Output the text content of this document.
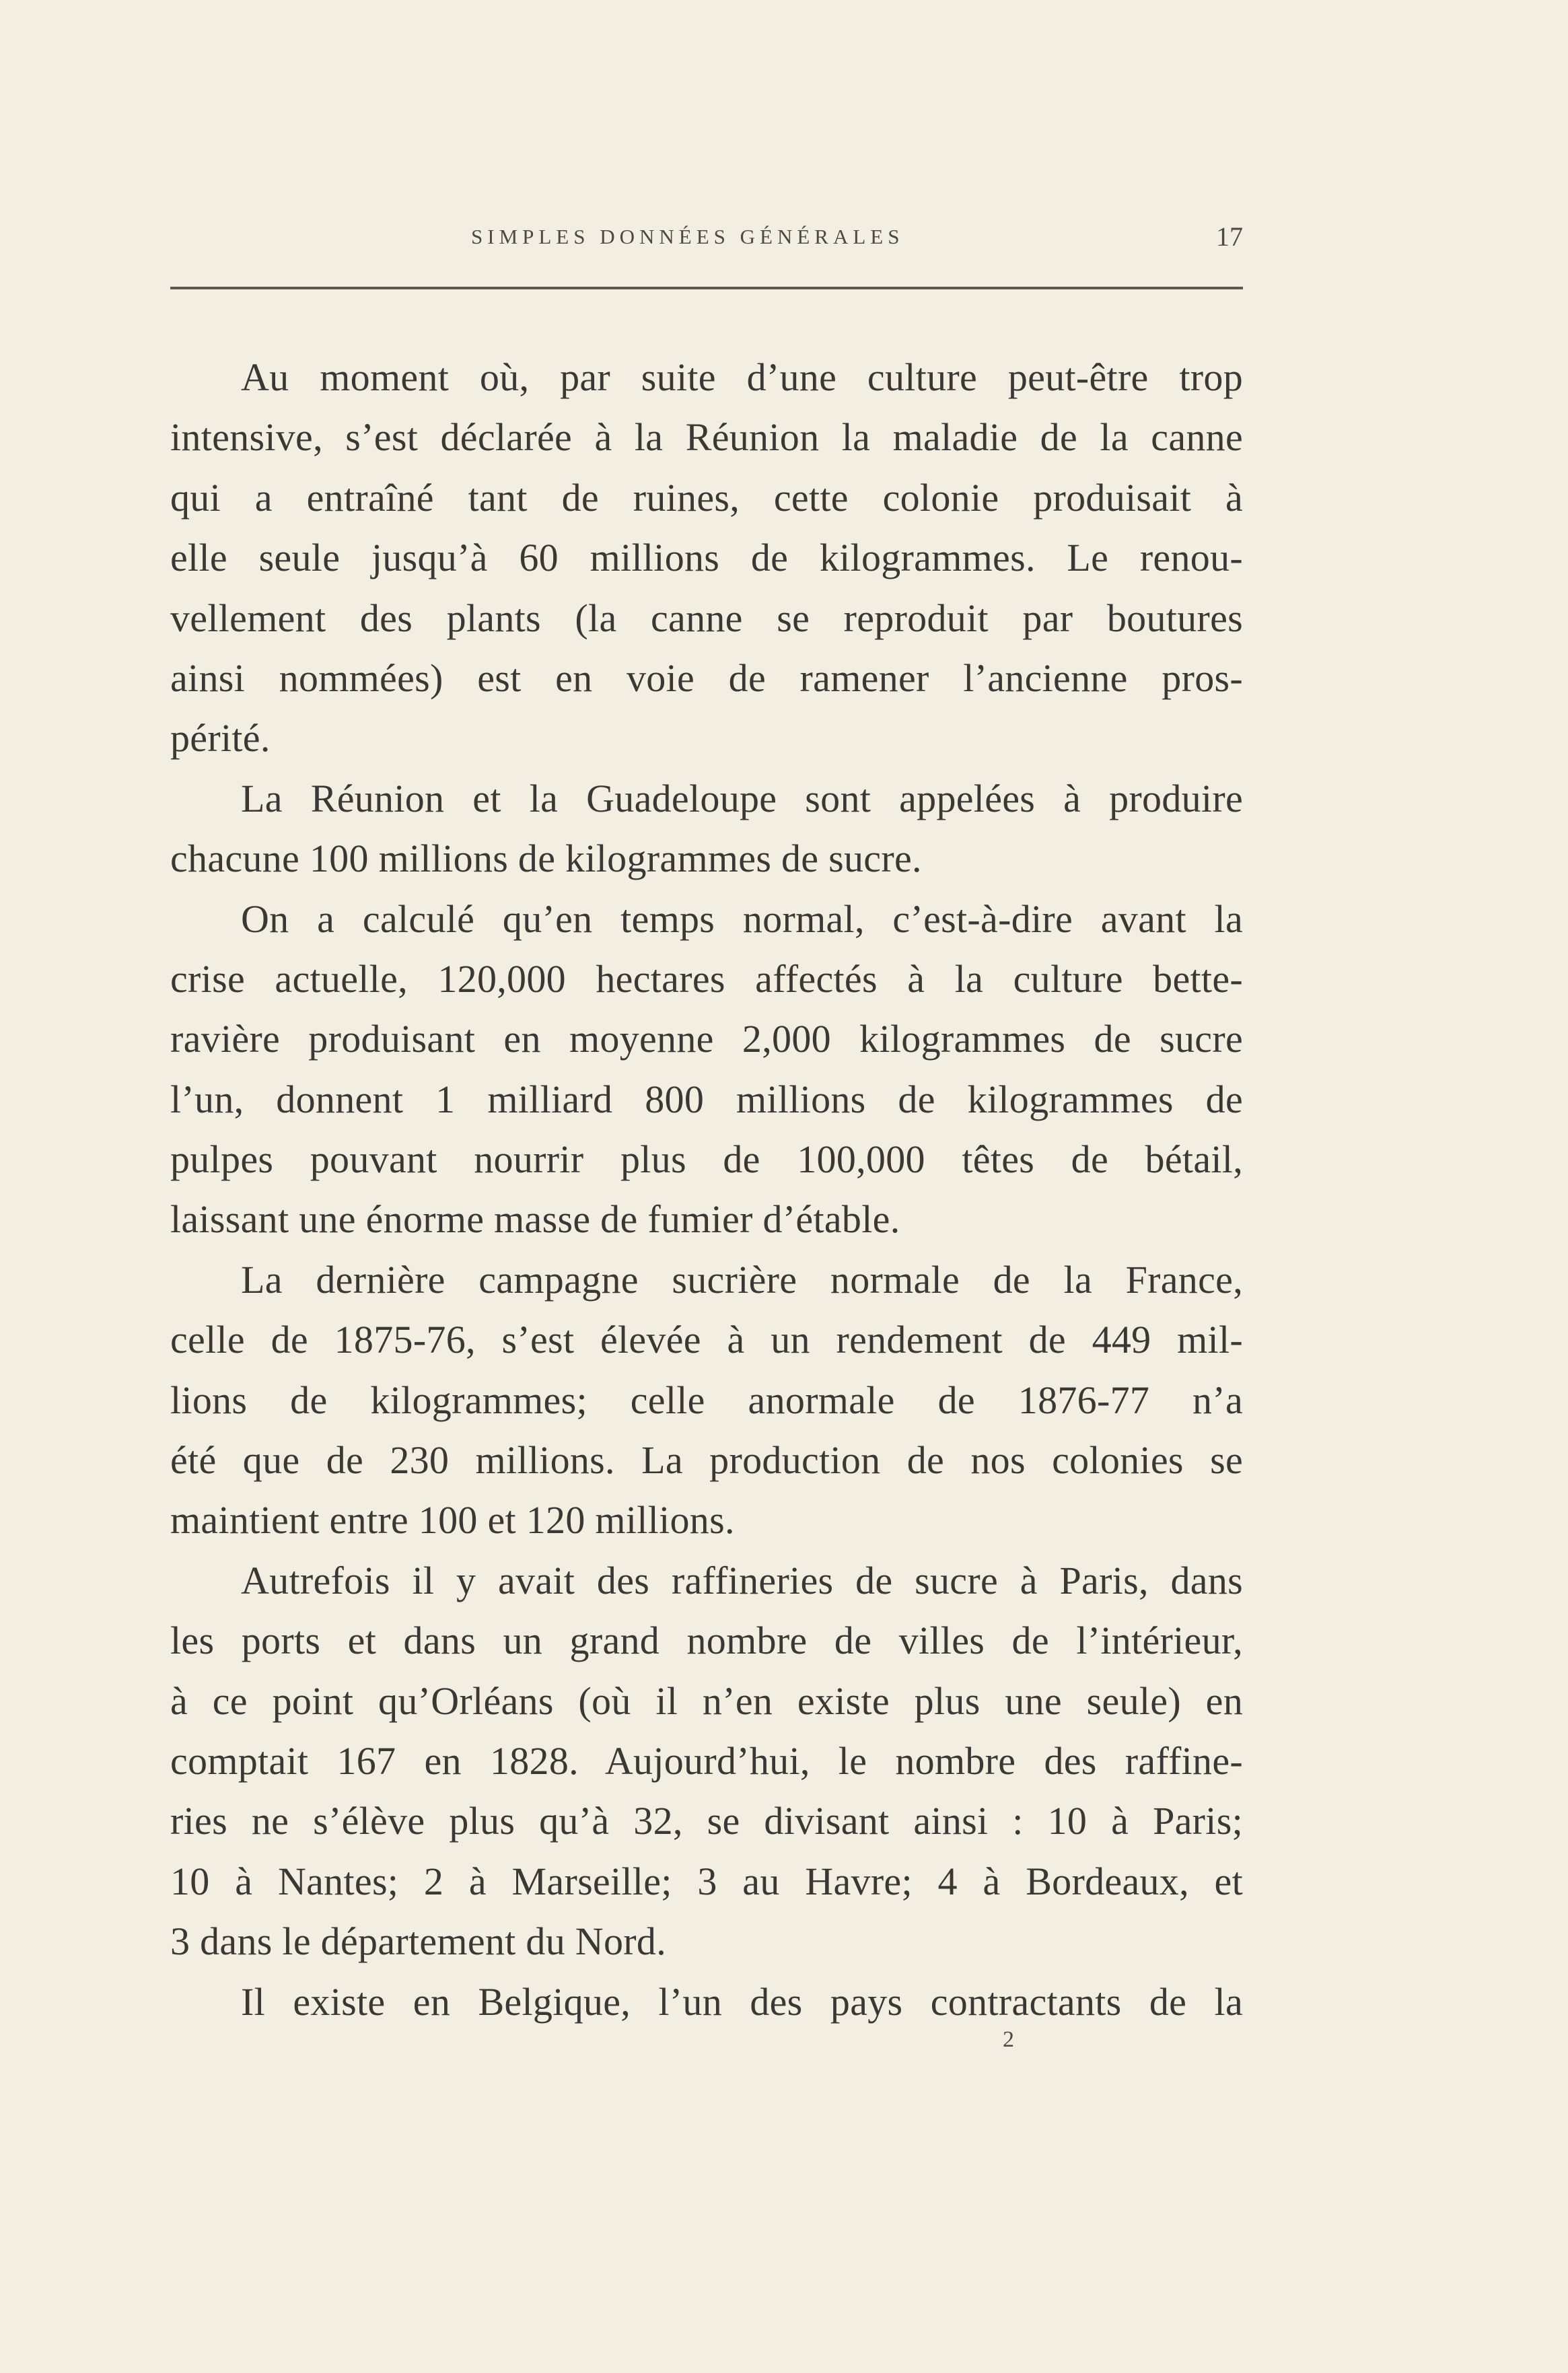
SIMPLES DONNÉES GÉNÉRALES	17
Au moment où, par suite d’une culture peut-être trop
intensive, s’est déclarée à la Réunion la maladie de la canne
qui a entraîné tant de ruines, cette colonie produisait à
elle seule jusqu’à 60 millions de kilogrammes. Le renou-
vellement des plants (la canne se reproduit par boutures
ainsi nommées) est en voie de ramener l’ancienne pros-
périté.
La Réunion et la Guadeloupe sont appelées à produire
chacune 100 millions de kilogrammes de sucre.
On a calculé qu’en temps normal, c’est-à-dire avant la
crise actuelle, 120,000 hectares affectés à la culture bette-
ravière produisant en moyenne 2,000 kilogrammes de sucre
l’un, donnent 1 milliard 800 millions de kilogrammes de
pulpes pouvant nourrir plus de 100,000 têtes de bétail,
laissant une énorme masse de fumier d’étable.
La dernière campagne sucrière normale de la France,
celle de 1875-76, s’est élevée à un rendement de 449 mil-
lions de kilogrammes; celle anormale de 1876-77 n’a
été que de 230 millions. La production de nos colonies se
maintient entre 100 et 120 millions.
Autrefois il y avait des raffineries de sucre à Paris, dans
les ports et dans un grand nombre de villes de l’intérieur,
à ce point qu’Orléans (où il n’en existe plus une seule) en
comptait 167 en 1828. Aujourd’hui, le nombre des raffine-
ries ne s’élève plus qu’à 32, se divisant ainsi : 10 à Paris;
10 à Nantes; 2 à Marseille; 3 au Havre; 4 à Bordeaux, et
3 dans le département du Nord.
Il existe en Belgique, l’un des pays contractants de la
2
